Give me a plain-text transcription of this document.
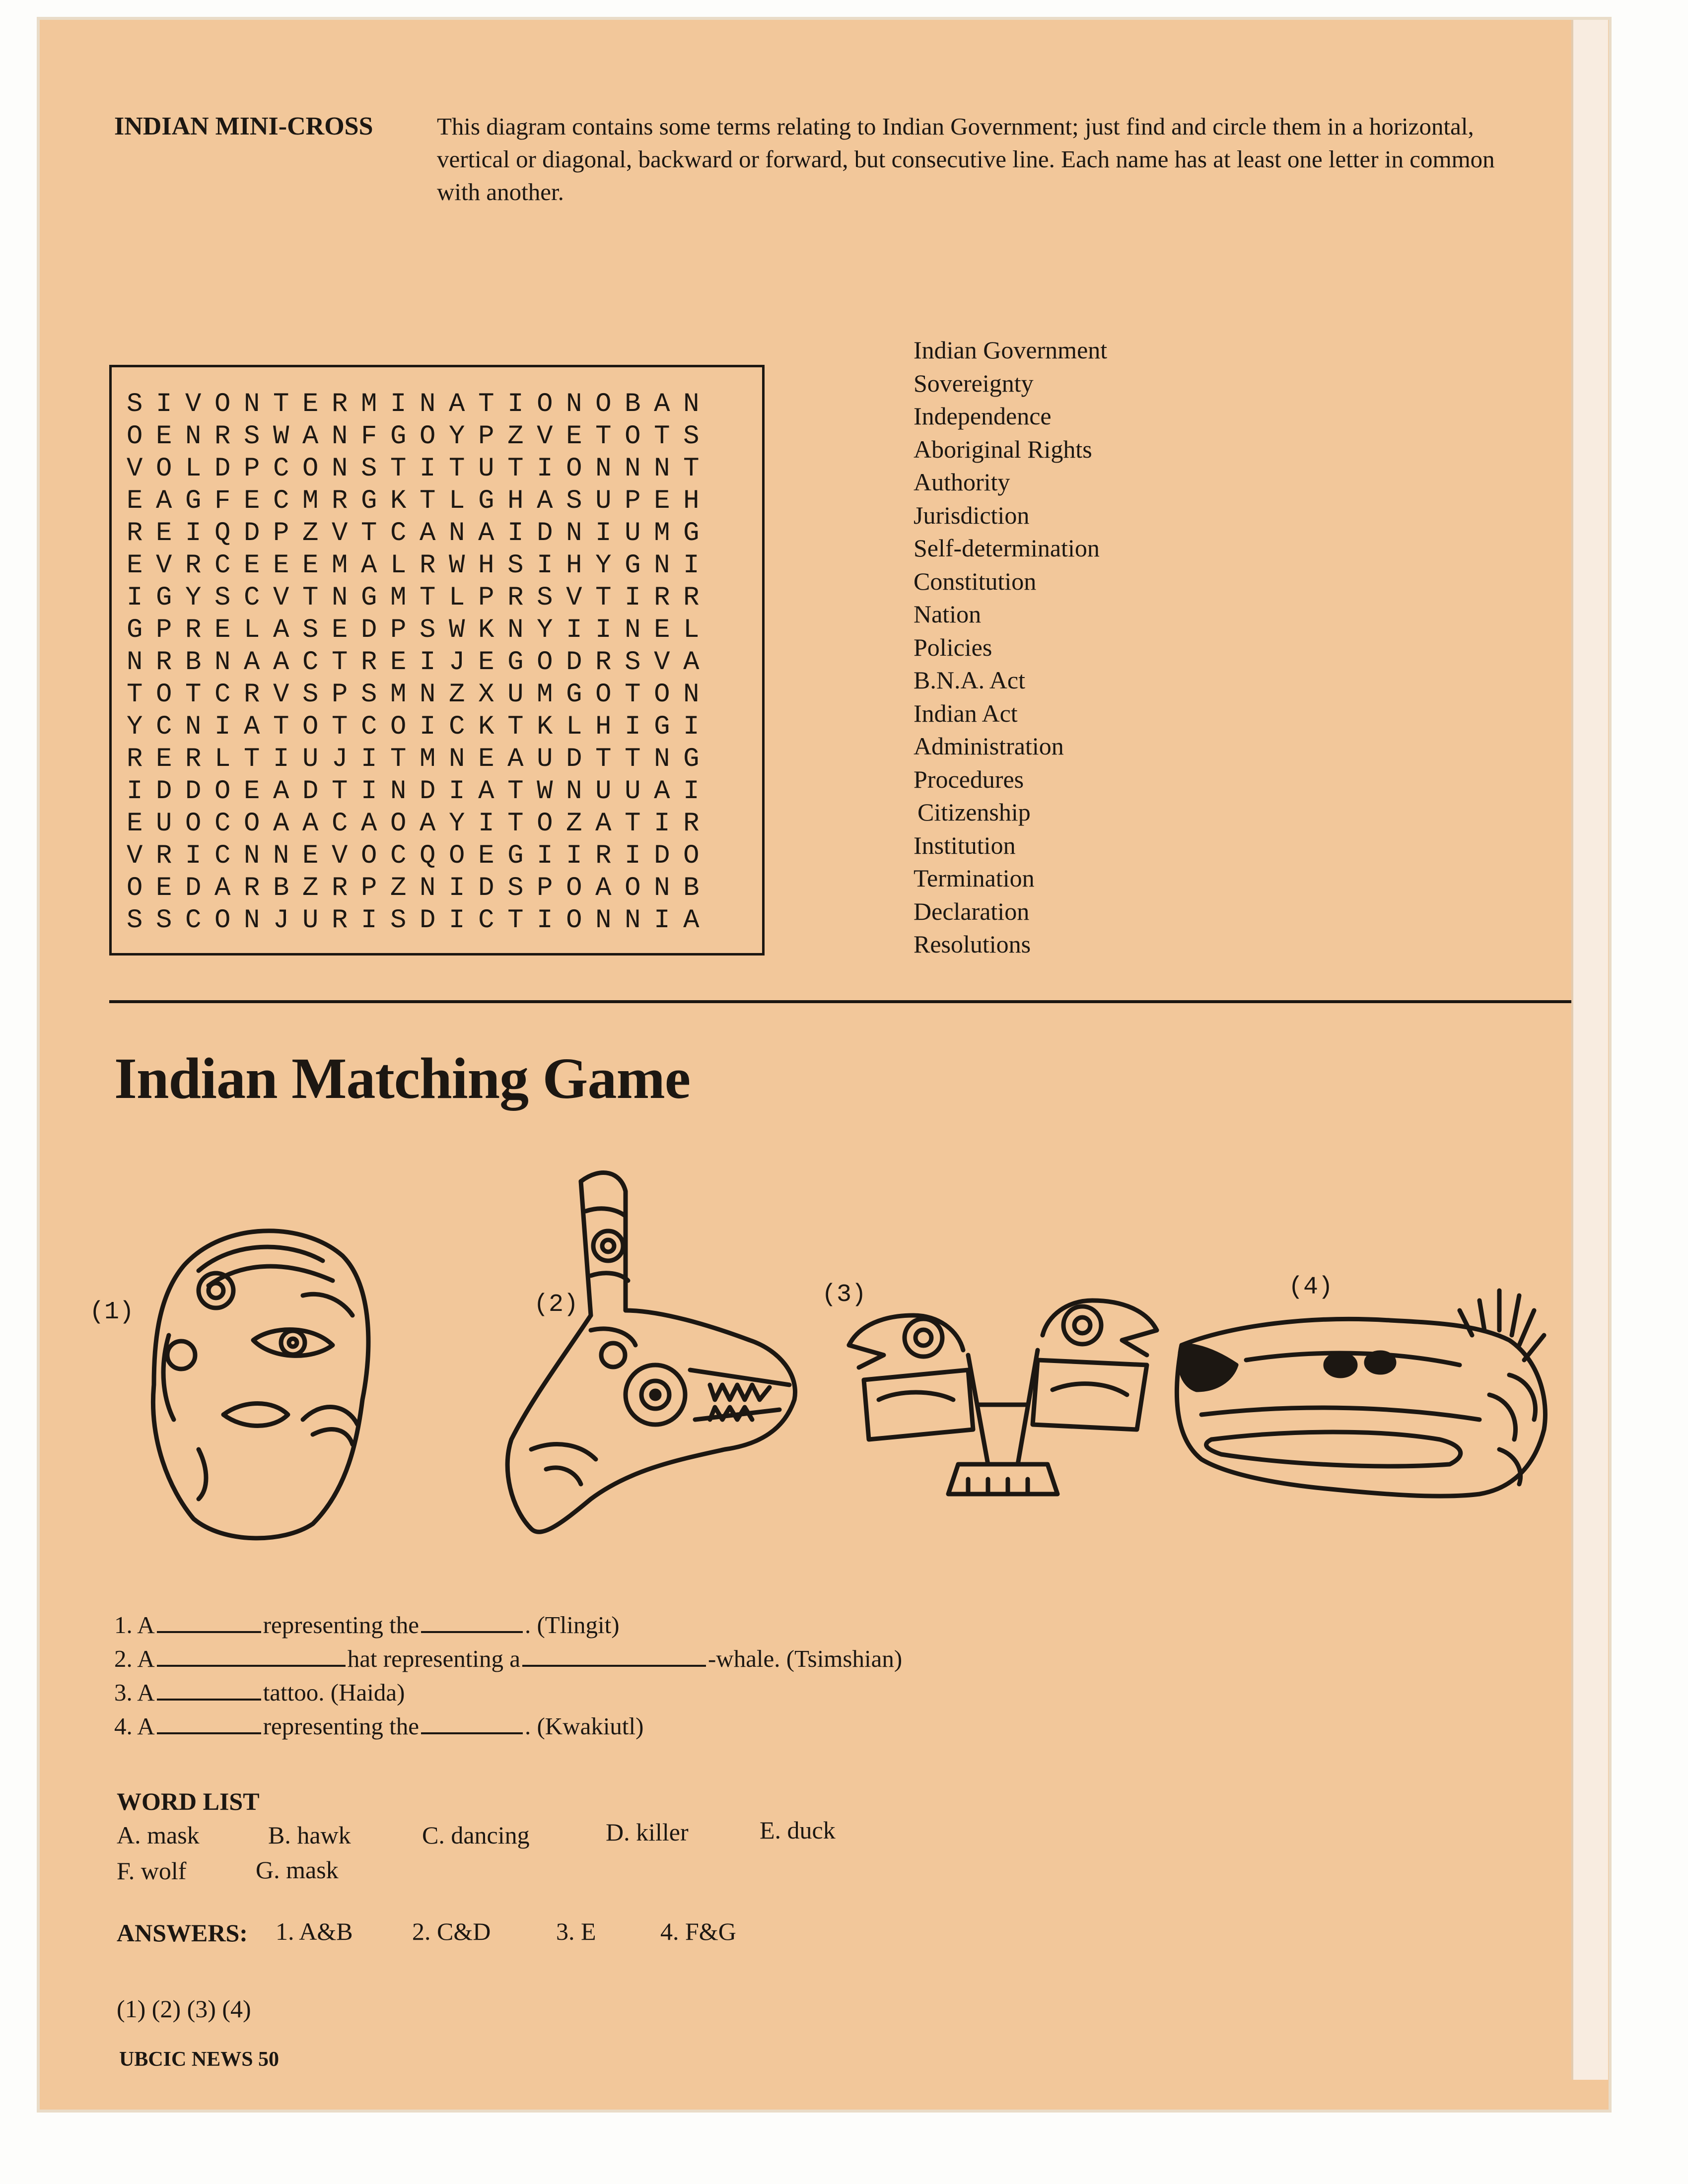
INDIAN MINI-CROSS	This diagram contains some terms relating to Indian Government; just find and circle them in a horizontal, vertical or diagonal, backward or forward, but consecutive line. Each name has at least one letter in common with another.
SIVONTERMINATIONOBAN
OENRSWANFGOYPZVETOTS
VOLDPCONSTITUTIONNNT
EAGFECMRGKTLGHASUPEH
REIQDPZVTCANAIDNIUMG
EVRCEEEMALRWHSIHYGNI
IGYSCVTNGMTLPRSVTIRR
GPRELASEDPSWKNYIINEL
NRBNAACTREIJEGODRSVA
TOTCRVSPSMNZXUMGOTON
YCNIATOTCOICKTKLHIGI
RERLTIUJITMNEAUDTTNG
IDDOEADTINDIATWNUUAI
EUOCOAACAOAYITOZATIR
VRICNNEVOCQOEGIIRIDO
OEDARBZRPZNIDSPOAONB
SSCONJURISDICTIONNIA
Indian Government
Sovereignty
Independence
Aboriginal Rights
Authority
Jurisdiction
Self-determination
Constitution
Nation
Policies
B.N.A. Act
Indian Act
Administration
Procedures
Citizenship
Institution
Termination
Declaration
Resolutions
Indian Matching Game
(1)	(2)	(3)	(4)
1. A	representing the	. (Tlingit)
2. A	hat representing a	-whale. (Tsimshian)
3. A	tattoo. (Haida)
4. A	representing the	. (Kwakiutl)
WORD LIST
A. mask	B. hawk	C. dancing	D. killer	E. duck
F. wolf	G. mask
ANSWERS: 1. A&B 2. C&D	3. E	4. F&G
(1) (2) (3) (4)
UBCIC NEWS 50
